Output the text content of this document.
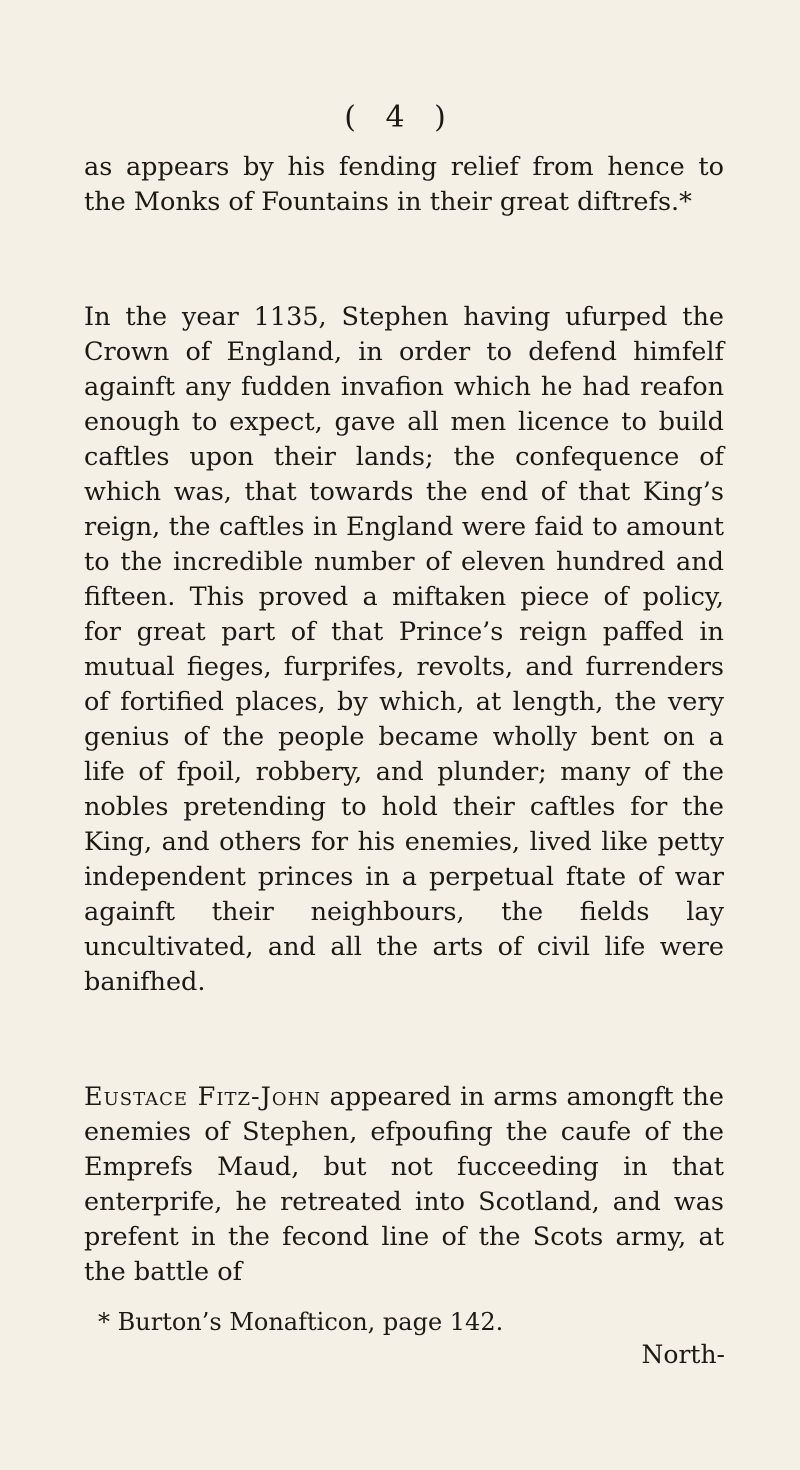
( 4 )

as appears by his fending relief from hence to the Monks of Fountains in their great diftrefs.*

In the year 1135, Stephen having ufurped the Crown of England, in order to defend himfelf againft any fudden invafion which he had reafon enough to expect, gave all men licence to build caftles upon their lands; the confequence of which was, that towards the end of that King’s reign, the caftles in England were faid to amount to the incredible number of eleven hundred and fifteen. This proved a miftaken piece of policy, for great part of that Prince’s reign paffed in mutual fieges, furprifes, revolts, and furrenders of fortified places, by which, at length, the very genius of the people became wholly bent on a life of fpoil, robbery, and plunder; many of the nobles pretending to hold their caftles for the King, and others for his enemies, lived like petty independent princes in a perpetual ftate of war againft their neighbours, the fields lay uncultivated, and all the arts of civil life were banifhed.

Eustace Fitz-John appeared in arms amongft the enemies of Stephen, efpoufing the caufe of the Emprefs Maud, but not fucceeding in that enterprife, he retreated into Scotland, and was prefent in the fecond line of the Scots army, at the battle of

* Burton’s Monafticon, page 142.
North-
